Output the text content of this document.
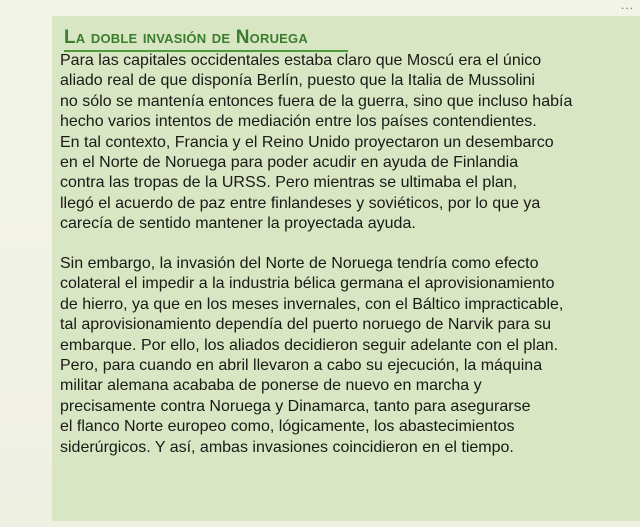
...
La doble invasión de Noruega

Para las capitales occidentales estaba claro que Moscú era el único
aliado real de que disponía Berlín, puesto que la Italia de Mussolini
no sólo se mantenía entonces fuera de la guerra, sino que incluso había
hecho varios intentos de mediación entre los países contendientes.
En tal contexto, Francia y el Reino Unido proyectaron un desembarco
en el Norte de Noruega para poder acudir en ayuda de Finlandia
contra las tropas de la URSS. Pero mientras se ultimaba el plan,
llegó el acuerdo de paz entre finlandeses y soviéticos, por lo que ya
carecía de sentido mantener la proyectada ayuda.

Sin embargo, la invasión del Norte de Noruega tendría como efecto
colateral el impedir a la industria bélica germana el aprovisionamiento
de hierro, ya que en los meses invernales, con el Báltico impracticable,
tal aprovisionamiento dependía del puerto noruego de Narvik para su
embarque. Por ello, los aliados decidieron seguir adelante con el plan.
Pero, para cuando en abril llevaron a cabo su ejecución, la máquina
militar alemana acababa de ponerse de nuevo en marcha y
precisamente contra Noruega y Dinamarca, tanto para asegurarse
el flanco Norte europeo como, lógicamente, los abastecimientos
siderúrgicos. Y así, ambas invasiones coincidieron en el tiempo.
